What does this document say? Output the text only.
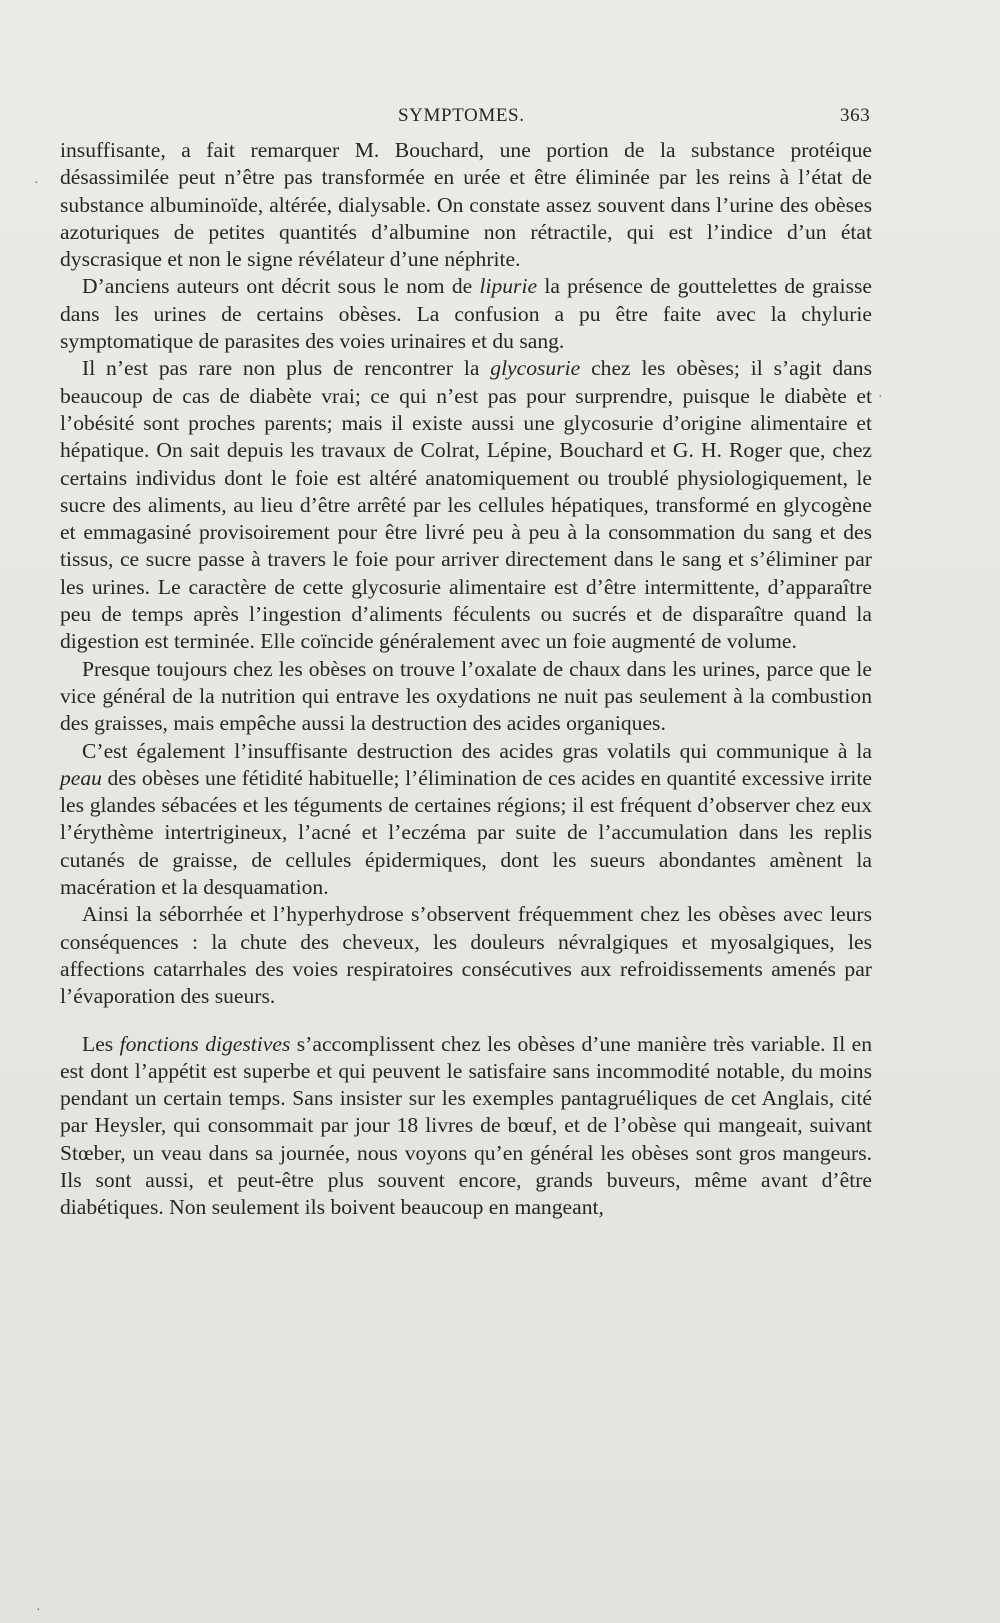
SYMPTOMES.	363

insuffisante, a fait remarquer M. Bouchard, une portion de la substance protéique désassimilée peut n’être pas transformée en urée et être éliminée par les reins à l’état de substance albuminoïde, altérée, dialysable. On constate assez souvent dans l’urine des obèses azoturiques de petites quantités d’albumine non rétractile, qui est l’indice d’un état dyscrasique et non le signe révélateur d’une néphrite.

D’anciens auteurs ont décrit sous le nom de lipurie la présence de gouttelettes de graisse dans les urines de certains obèses. La confusion a pu être faite avec la chylurie symptomatique de parasites des voies urinaires et du sang.

Il n’est pas rare non plus de rencontrer la glycosurie chez les obèses; il s’agit dans beaucoup de cas de diabète vrai; ce qui n’est pas pour surprendre, puisque le diabète et l’obésité sont proches parents; mais il existe aussi une glycosurie d’origine alimentaire et hépatique. On sait depuis les travaux de Colrat, Lépine, Bouchard et G. H. Roger que, chez certains individus dont le foie est altéré anatomiquement ou troublé physiologiquement, le sucre des aliments, au lieu d’être arrêté par les cellules hépatiques, transformé en glycogène et emmagasiné provisoirement pour être livré peu à peu à la consommation du sang et des tissus, ce sucre passe à travers le foie pour arriver directement dans le sang et s’éliminer par les urines. Le caractère de cette glycosurie alimentaire est d’être intermittente, d’apparaître peu de temps après l’ingestion d’aliments féculents ou sucrés et de disparaître quand la digestion est terminée. Elle coïncide généralement avec un foie augmenté de volume.

Presque toujours chez les obèses on trouve l’oxalate de chaux dans les urines, parce que le vice général de la nutrition qui entrave les oxydations ne nuit pas seulement à la combustion des graisses, mais empêche aussi la destruction des acides organiques.

C’est également l’insuffisante destruction des acides gras volatils qui communique à la peau des obèses une fétidité habituelle; l’élimination de ces acides en quantité excessive irrite les glandes sébacées et les téguments de certaines régions; il est fréquent d’observer chez eux l’érythème intertrigineux, l’acné et l’eczéma par suite de l’accumulation dans les replis cutanés de graisse, de cellules épidermiques, dont les sueurs abondantes amènent la macération et la desquamation.

Ainsi la séborrhée et l’hyperhydrose s’observent fréquemment chez les obèses avec leurs conséquences : la chute des cheveux, les douleurs névralgiques et myosalgiques, les affections catarrhales des voies respiratoires consécutives aux refroidissements amenés par l’évaporation des sueurs.

Les fonctions digestives s’accomplissent chez les obèses d’une manière très variable. Il en est dont l’appétit est superbe et qui peuvent le satisfaire sans incommodité notable, du moins pendant un certain temps. Sans insister sur les exemples pantagruéliques de cet Anglais, cité par Heysler, qui consommait par jour 18 livres de bœuf, et de l’obèse qui mangeait, suivant Stœber, un veau dans sa journée, nous voyons qu’en général les obèses sont gros mangeurs. Ils sont aussi, et peut-être plus souvent encore, grands buveurs, même avant d’être diabétiques. Non seulement ils boivent beaucoup en mangeant,

·
·
·
